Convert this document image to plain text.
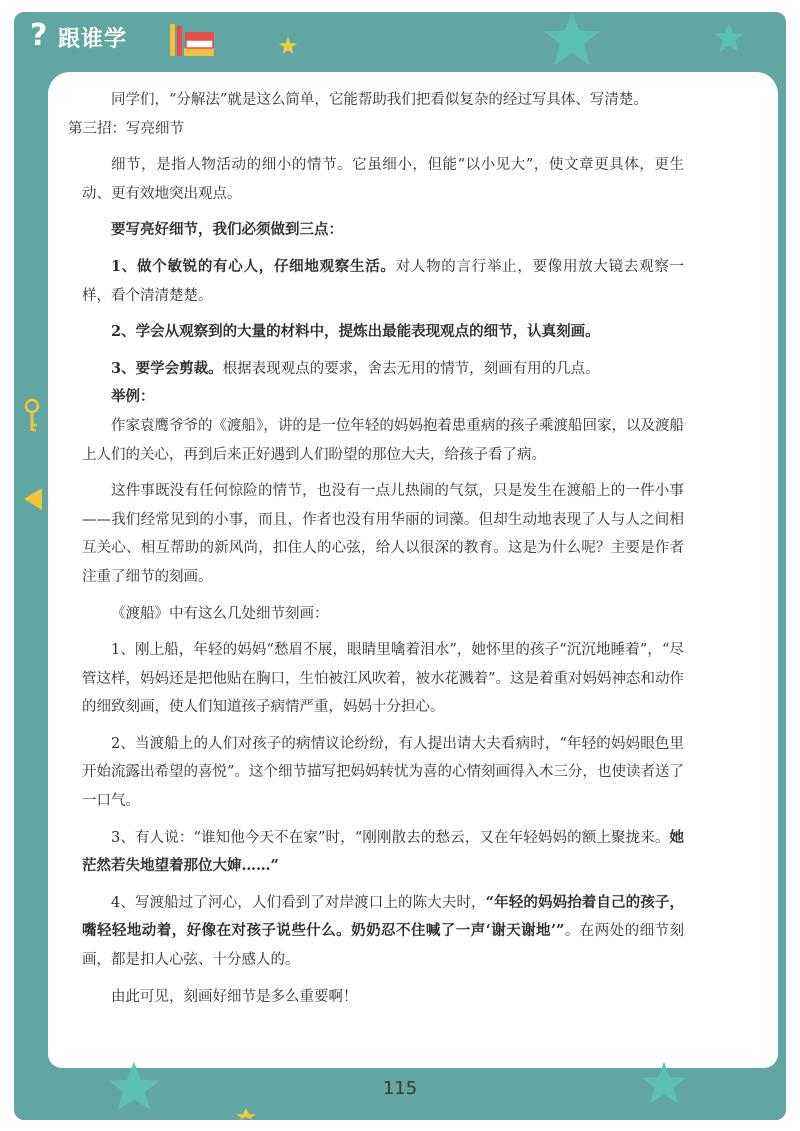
? 跟谁学

同学们，“分解法”就是这么简单，它能帮助我们把看似复杂的经过写具体、写清楚。

第三招：写亮细节

细节，是指人物活动的细小的情节。它虽细小，但能“以小见大”，使文章更具体，更生动、更有效地突出观点。

要写亮好细节，我们必须做到三点：

1、做个敏锐的有心人，仔细地观察生活。对人物的言行举止，要像用放大镜去观察一样，看个清清楚楚。

2、学会从观察到的大量的材料中，提炼出最能表现观点的细节，认真刻画。

3、要学会剪裁。根据表现观点的要求，舍去无用的情节，刻画有用的几点。

举例：

作家袁鹰爷爷的《渡船》，讲的是一位年轻的妈妈抱着患重病的孩子乘渡船回家，以及渡船上人们的关心，再到后来正好遇到人们盼望的那位大夫，给孩子看了病。

这件事既没有任何惊险的情节，也没有一点儿热闹的气氛，只是发生在渡船上的一件小事——我们经常见到的小事，而且，作者也没有用华丽的词藻。但却生动地表现了人与人之间相互关心、相互帮助的新风尚，扣住人的心弦，给人以很深的教育。这是为什么呢？主要是作者注重了细节的刻画。

《渡船》中有这么几处细节刻画：

1、刚上船，年轻的妈妈“愁眉不展，眼睛里噙着泪水”，她怀里的孩子“沉沉地睡着”，“尽管这样，妈妈还是把他贴在胸口，生怕被江风吹着，被水花溅着”。这是着重对妈妈神态和动作的细致刻画，使人们知道孩子病情严重，妈妈十分担心。

2、当渡船上的人们对孩子的病情议论纷纷，有人提出请大夫看病时，“年轻的妈妈眼色里开始流露出希望的喜悦”。这个细节描写把妈妈转忧为喜的心情刻画得入木三分，也使读者送了一口气。

3、有人说：“谁知他今天不在家”时，“刚刚散去的愁云，又在年轻妈妈的额上聚拢来。她茫然若失地望着那位大婶……”

4、写渡船过了河心，人们看到了对岸渡口上的陈大夫时，“年轻的妈妈抬着自己的孩子，嘴轻轻地动着，好像在对孩子说些什么。奶奶忍不住喊了一声‘谢天谢地’”。在两处的细节刻画，都是扣人心弦、十分感人的。

由此可见，刻画好细节是多么重要啊！

115
